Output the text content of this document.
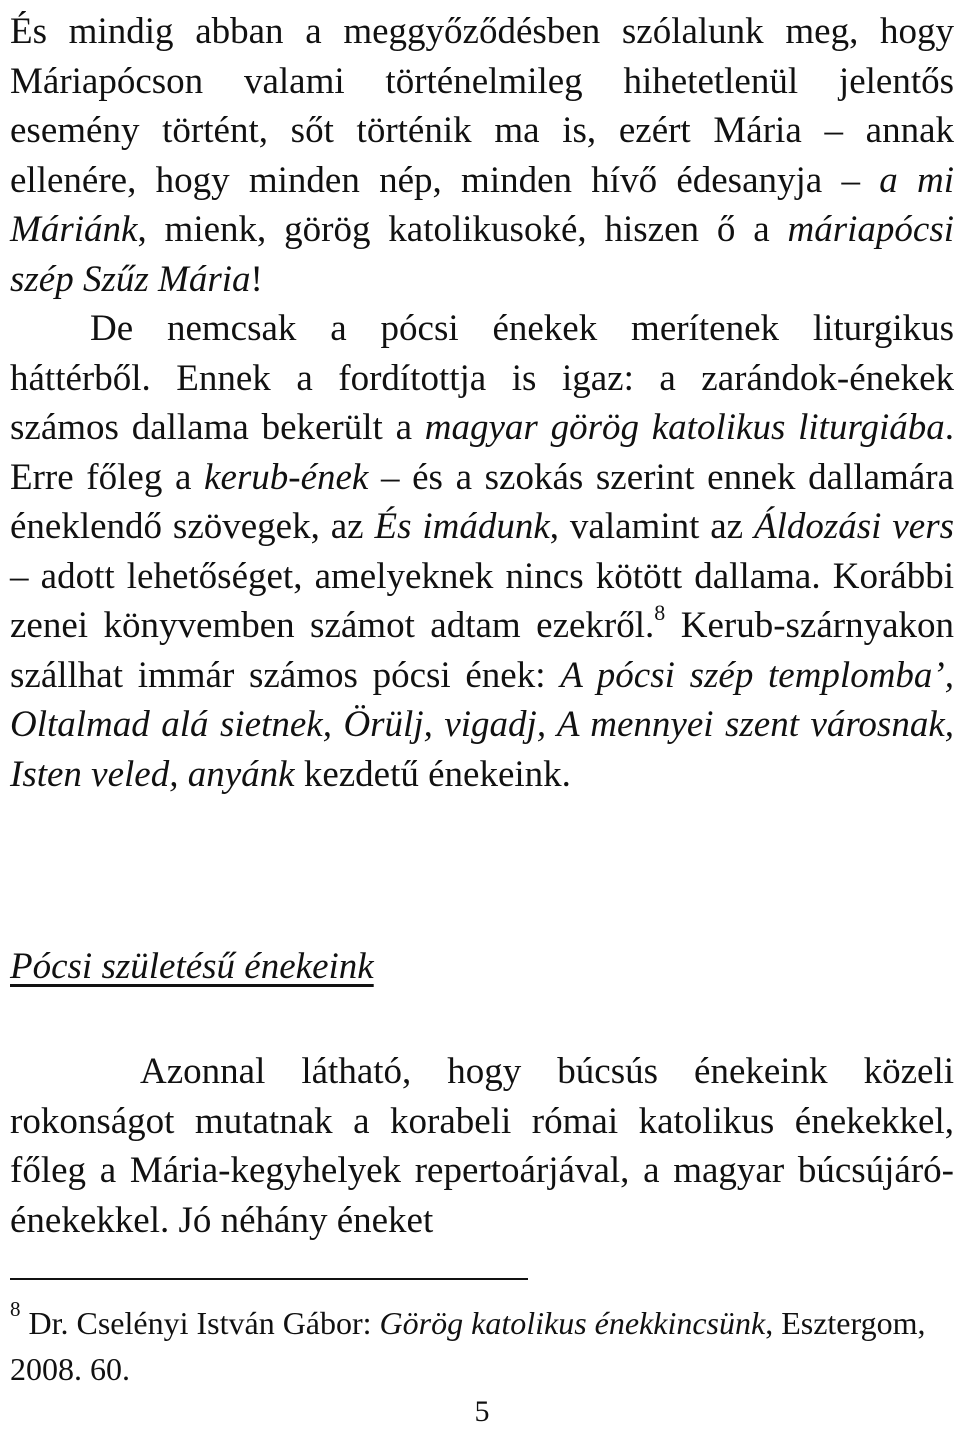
És mindig abban a meggyőződésben szólalunk meg, hogy Máriapócson valami történelmileg hihetetlenül jelentős esemény történt, sőt történik ma is, ezért Mária – annak ellenére, hogy minden nép, minden hívő édesanyja – a mi Máriánk, mienk, görög katolikusoké, hiszen ő a máriapócsi szép Szűz Mária!

De nemcsak a pócsi énekek merítenek liturgikus háttérből. Ennek a fordítottja is igaz: a zarándok-énekek számos dallama bekerült a magyar görög katolikus liturgiába. Erre főleg a kerub-ének – és a szokás szerint ennek dallamára éneklendő szövegek, az És imádunk, valamint az Áldozási vers – adott lehetőséget, amelyeknek nincs kötött dallama. Korábbi zenei könyvemben számot adtam ezekről.$^8$ Kerub-szárnyakon szállhat immár számos pócsi ének: A pócsi szép templomba’, Oltalmad alá sietnek, Örülj, vigadj, A mennyei szent városnak, Isten veled, anyánk kezdetű énekeink.

Pócsi születésű énekeink

Azonnal látható, hogy búcsús énekeink közeli rokonságot mutatnak a korabeli római katolikus énekekkel, főleg a Mária-kegyhelyek repertoárjával, a magyar búcsújáró-énekekkel. Jó néhány éneket

$^8$ Dr. Cselényi István Gábor: Görög katolikus énekkincsünk, Esztergom, 2008. 60.
5
